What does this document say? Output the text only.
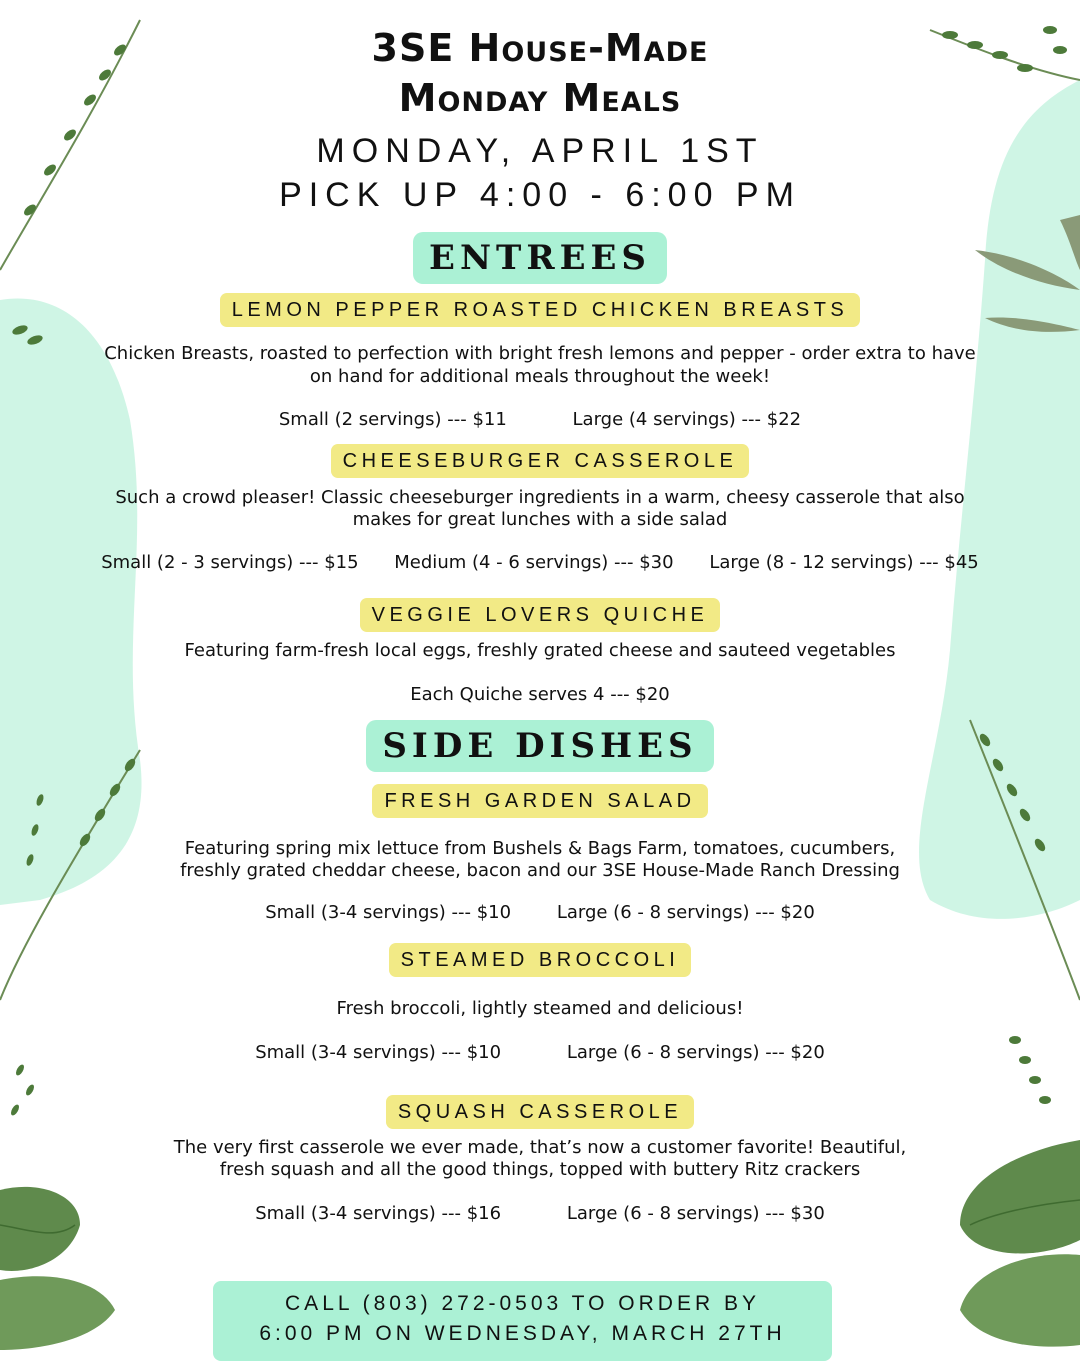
3SE House-Made
Monday Meals
MONDAY, APRIL 1ST
PICK UP 4:00 - 6:00 PM
ENTREES
LEMON PEPPER ROASTED CHICKEN BREASTS
Chicken Breasts, roasted to perfection with bright fresh lemons and pepper - order extra to have
on hand for additional meals throughout the week!
Small (2 servings) --- $11	Large (4 servings) --- $22
CHEESEBURGER CASSEROLE
Such a crowd pleaser! Classic cheeseburger ingredients in a warm, cheesy casserole that also
makes for great lunches with a side salad
Small (2 - 3 servings) --- $15 Medium (4 - 6 servings) --- $30 Large (8 - 12 servings) --- $45
VEGGIE LOVERS QUICHE
Featuring farm-fresh local eggs, freshly grated cheese and sauteed vegetables
Each Quiche serves 4 --- $20
SIDE DISHES
FRESH GARDEN SALAD
Featuring spring mix lettuce from Bushels & Bags Farm, tomatoes, cucumbers,
freshly grated cheddar cheese, bacon and our 3SE House-Made Ranch Dressing
Small (3-4 servings) --- $10	Large (6 - 8 servings) --- $20
STEAMED BROCCOLI
Fresh broccoli, lightly steamed and delicious!
Small (3-4 servings) --- $10	Large (6 - 8 servings) --- $20
SQUASH CASSEROLE
The very first casserole we ever made, that’s now a customer favorite! Beautiful,
fresh squash and all the good things, topped with buttery Ritz crackers
Small (3-4 servings) --- $16	Large (6 - 8 servings) --- $30
CALL (803) 272-0503 TO ORDER BY
6:00 PM ON WEDNESDAY, MARCH 27TH
